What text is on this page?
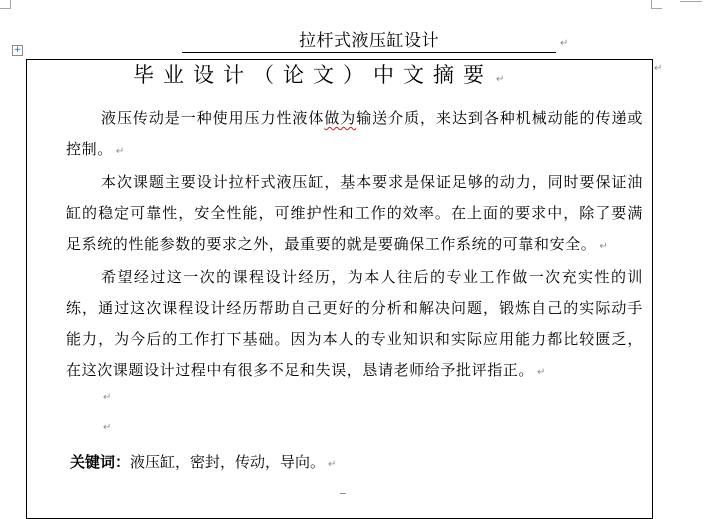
拉杆式液压缸设计	↵
+
↵
毕业设计（论文）中文摘要 ↵

液压传动是一种使用压力性液体做为输送介质，来达到各种机械动能的传递或控制。 ↵

本次课题主要设计拉杆式液压缸，基本要求是保证足够的动力，同时要保证油缸的稳定可靠性，安全性能，可维护性和工作的效率。在上面的要求中，除了要满足系统的性能参数的要求之外，最重要的就是要确保工作系统的可靠和安全。 ↵

希望经过这一次的课程设计经历，为本人往后的专业工作做一次充实性的训练，通过这次课程设计经历帮助自己更好的分析和解决问题，锻炼自己的实际动手能力，为今后的工作打下基础。因为本人的专业知识和实际应用能力都比较匮乏，在这次课题设计过程中有很多不足和失误，恳请老师给予批评指正。 ↵

↵
↵
关键词：液压缸，密封，传动，导向。 ↵
